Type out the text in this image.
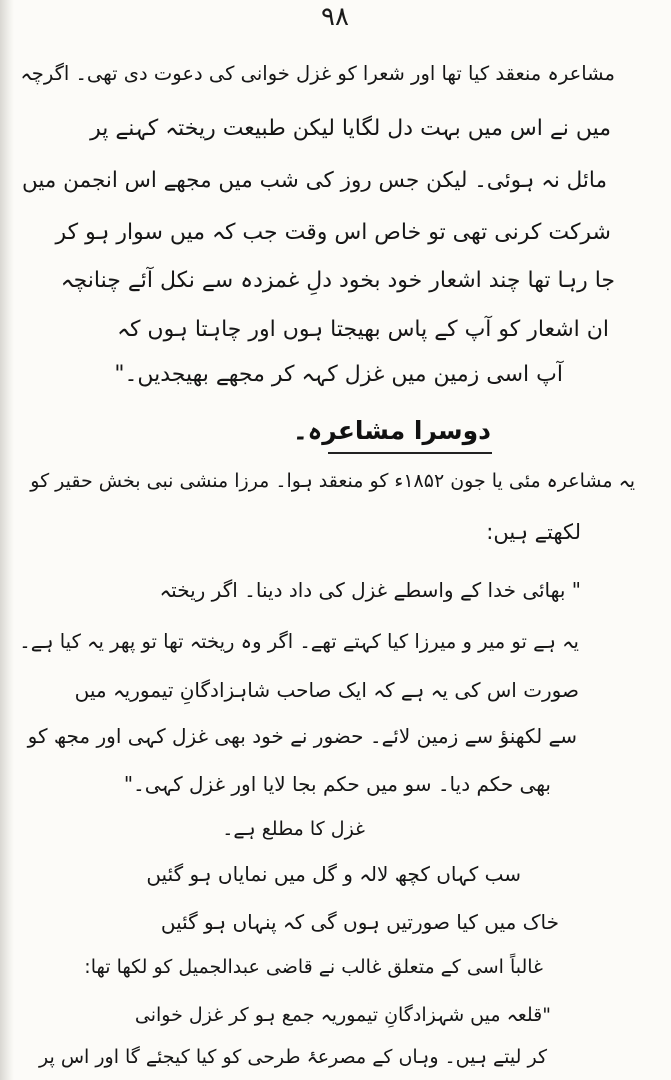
۹۸
مشاعرہ منعقد کیا تھا اور شعرا کو غزل خوانی کی دعوت دی تھی۔ اگرچہ
میں نے اس میں بہت دل لگایا لیکن طبیعت ریختہ کہنے پر
مائل نہ ہوئی۔ لیکن جس روز کی شب میں مجھے اس انجمن میں
شرکت کرنی تھی تو خاص اس وقت جب کہ میں سوار ہو کر
جا رہا تھا چند اشعار خود بخود دلِ غمزدہ سے نکل آئے چنانچہ
ان اشعار کو آپ کے پاس بھیجتا ہوں اور چاہتا ہوں کہ
آپ اسی زمین میں غزل کہہ کر مجھے بھیجدیں۔"
دوسرا مشاعرہ۔
یہ مشاعرہ مئی یا جون ۱۸۵۲ء کو منعقد ہوا۔ مرزا منشی نبی بخش حقیر کو
لکھتے ہیں:
" بھائی خدا کے واسطے غزل کی داد دینا۔ اگر ریختہ
یہ ہے تو میر و میرزا کیا کہتے تھے۔ اگر وہ ریختہ تھا تو پھر یہ کیا ہے۔
صورت اس کی یہ ہے کہ ایک صاحب شاہزادگانِ تیموریہ میں
سے لکھنؤ سے زمین لائے۔ حضور نے خود بھی غزل کہی اور مجھ کو
بھی حکم دیا۔ سو میں حکم بجا لایا اور غزل کہی۔"
غزل کا مطلع ہے۔
سب کہاں کچھ لالہ و گل میں نمایاں ہو گئیں
خاک میں کیا صورتیں ہوں گی کہ پنہاں ہو گئیں
غالباً اسی کے متعلق غالب نے قاضی عبدالجمیل کو لکھا تھا:
"قلعہ میں شہزادگانِ تیموریہ جمع ہو کر غزل خوانی
کر لیتے ہیں۔ وہاں کے مصرعۂ طرحی کو کیا کیجئے گا اور اس پر
